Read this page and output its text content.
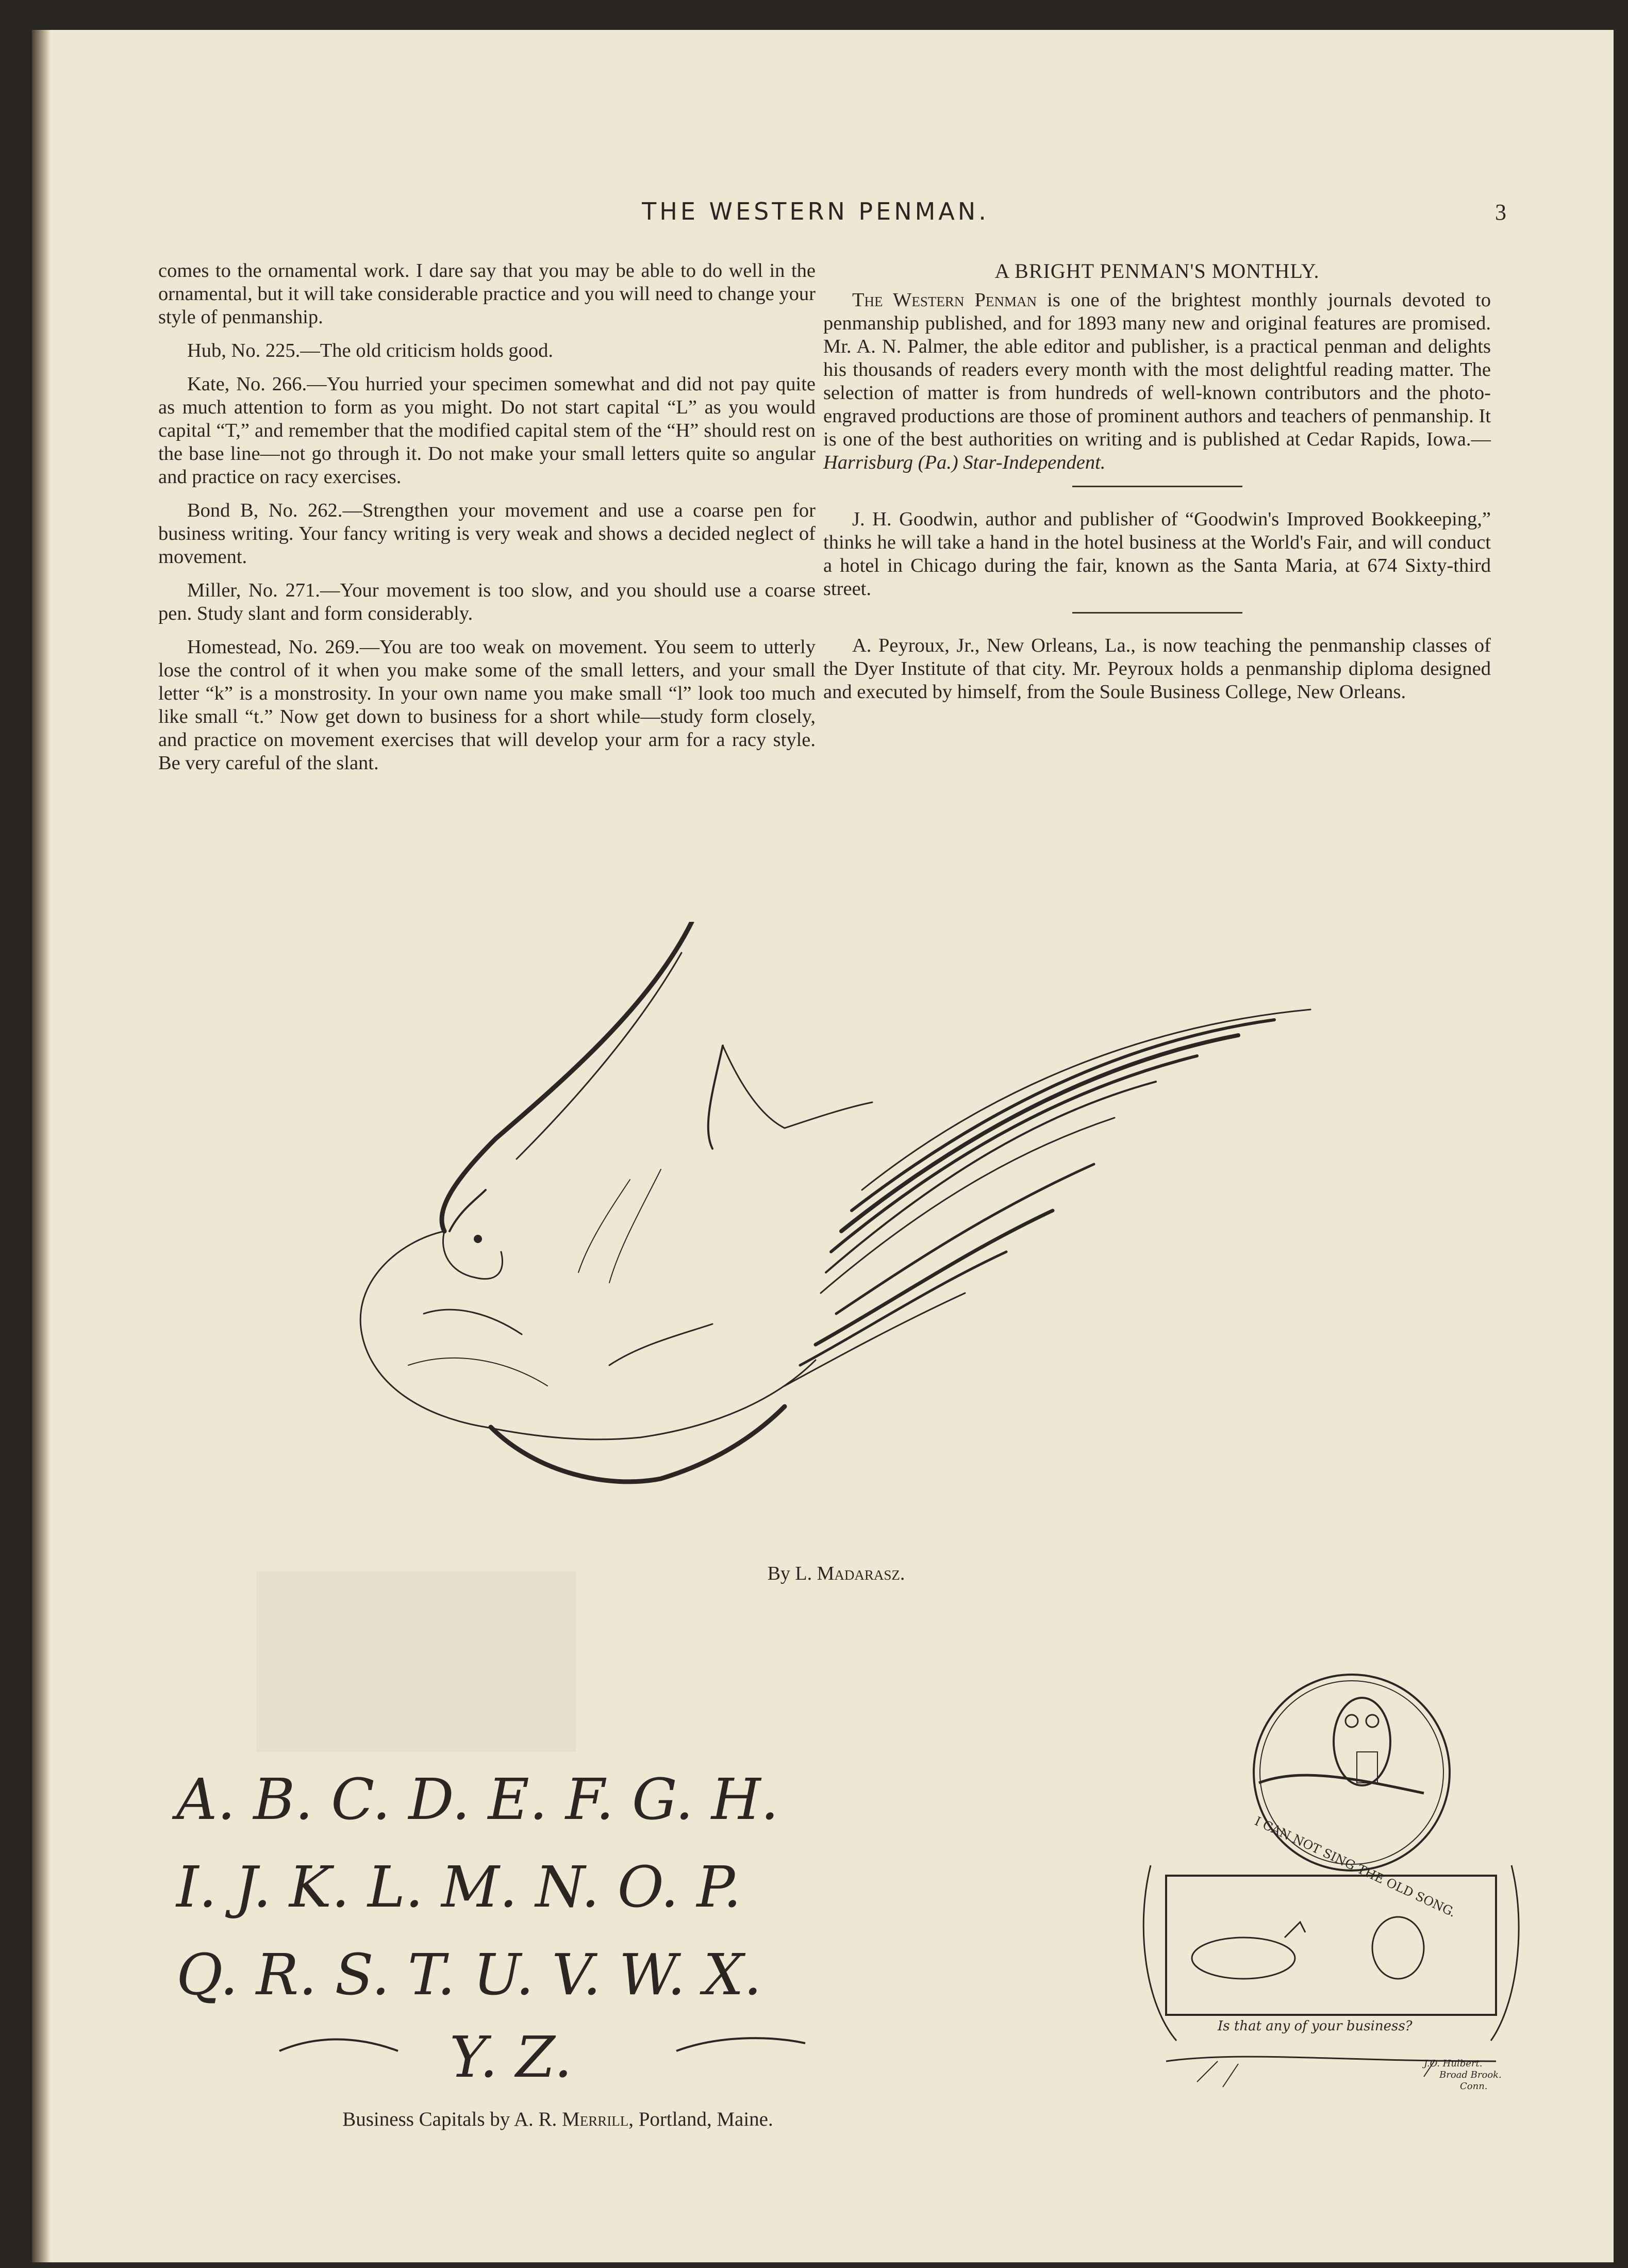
THE WESTERN PENMAN.	3

comes to the ornamental work. I dare say that you may be able to do well in the ornamental, but it will take considerable practice and you will need to change your style of penmanship.

Hub, No. 225.—The old criticism holds good.

Kate, No. 266.—You hurried your specimen somewhat and did not pay quite as much attention to form as you might. Do not start capital “L” as you would capital “T,” and remember that the modified capital stem of the “H” should rest on the base line—not go through it. Do not make your small letters quite so angular and practice on racy exercises.

Bond B, No. 262.—Strengthen your movement and use a coarse pen for business writing. Your fancy writing is very weak and shows a decided neglect of movement.

Miller, No. 271.—Your movement is too slow, and you should use a coarse pen. Study slant and form considerably.

Homestead, No. 269.—You are too weak on movement. You seem to utterly lose the control of it when you make some of the small letters, and your small letter “k” is a monstrosity. In your own name you make small “l” look too much like small “t.” Now get down to business for a short while—study form closely, and practice on movement exercises that will develop your arm for a racy style. Be very careful of the slant.

A BRIGHT PENMAN'S MONTHLY.

The Western Penman is one of the brightest monthly journals devoted to penmanship published, and for 1893 many new and original features are promised. Mr. A. N. Palmer, the able editor and publisher, is a practical penman and delights his thousands of readers every month with the most delightful reading matter. The selection of matter is from hundreds of well-known contributors and the photo-engraved productions are those of prominent authors and teachers of penmanship. It is one of the best authorities on writing and is published at Cedar Rapids, Iowa.—Harrisburg (Pa.) Star-Independent.

J. H. Goodwin, author and publisher of “Goodwin's Improved Bookkeeping,” thinks he will take a hand in the hotel business at the World's Fair, and will conduct a hotel in Chicago during the fair, known as the Santa Maria, at 674 Sixty-third street.

A. Peyroux, Jr., New Orleans, La., is now teaching the penmanship classes of the Dyer Institute of that city. Mr. Peyroux holds a penmanship diploma designed and executed by himself, from the Soule Business College, New Orleans.

By L. Madarasz.
A. B. C. D. E. F. G. H.
I. J. K. L. M. N. O. P.
Q. R. S. T. U. V. W. X.
Y. Z.
Business Capitals by A. R. Merrill, Portland, Maine.
I CAN NOT SING THE OLD SONG.
Is that any of your business?
J.O. Hulbert.
Broad Brook.
Conn.
